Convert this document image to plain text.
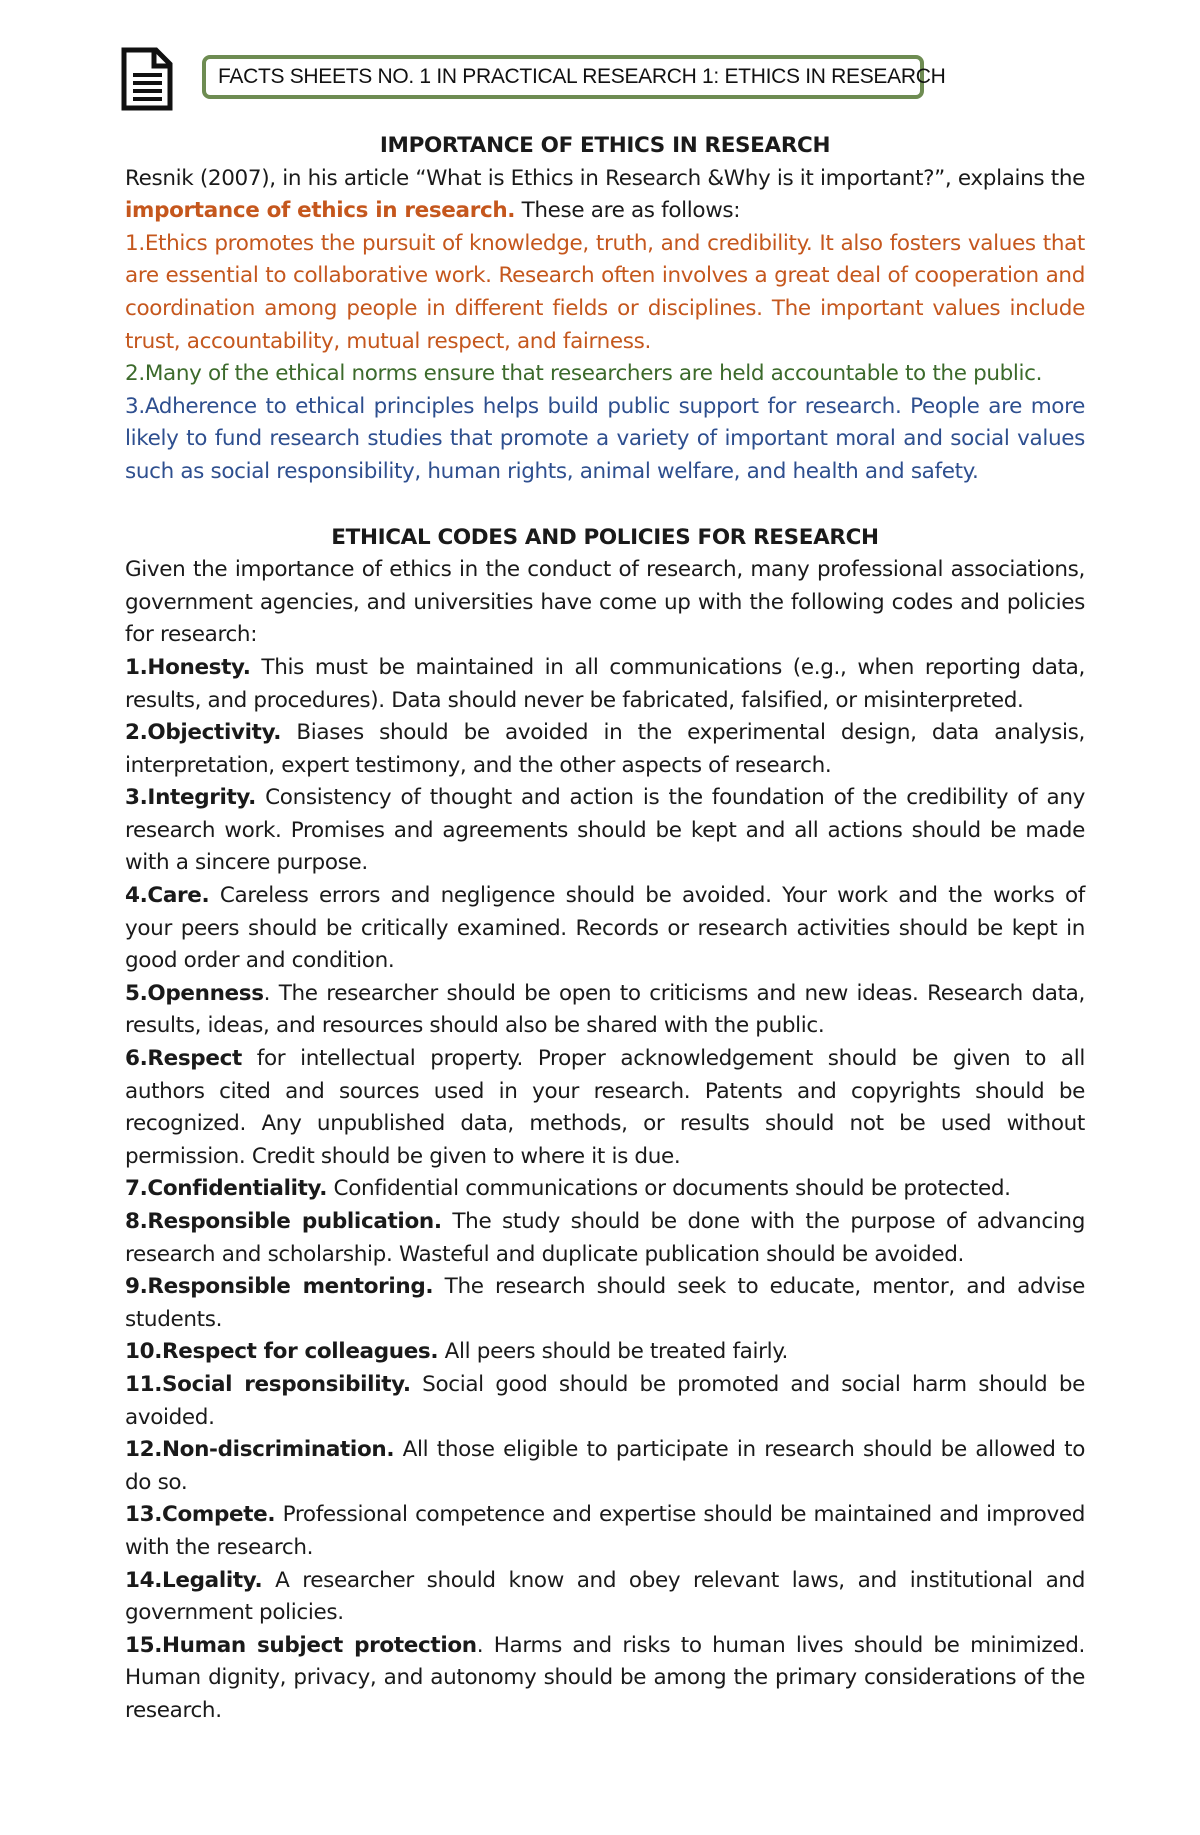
FACTS SHEETS NO. 1 IN PRACTICAL RESEARCH 1: ETHICS IN RESEARCH

IMPORTANCE OF ETHICS IN RESEARCH

Resnik (2007), in his article “What is Ethics in Research &Why is it important?”, explains the importance of ethics in research. These are as follows:

1.Ethics promotes the pursuit of knowledge, truth, and credibility. It also fosters values that are essential to collaborative work. Research often involves a great deal of cooperation and coordination among people in different fields or disciplines. The important values include trust, accountability, mutual respect, and fairness.

2.Many of the ethical norms ensure that researchers are held accountable to the public.

3.Adherence to ethical principles helps build public support for research. People are more likely to fund research studies that promote a variety of important moral and social values such as social responsibility, human rights, animal welfare, and health and safety.

ETHICAL CODES AND POLICIES FOR RESEARCH

Given the importance of ethics in the conduct of research, many professional associations, government agencies, and universities have come up with the following codes and policies for research:

1.Honesty. This must be maintained in all communications (e.g., when reporting data, results, and procedures). Data should never be fabricated, falsified, or misinterpreted.

2.Objectivity. Biases should be avoided in the experimental design, data analysis, interpretation, expert testimony, and the other aspects of research.

3.Integrity. Consistency of thought and action is the foundation of the credibility of any research work. Promises and agreements should be kept and all actions should be made with a sincere purpose.

4.Care. Careless errors and negligence should be avoided. Your work and the works of your peers should be critically examined. Records or research activities should be kept in good order and condition.

5.Openness. The researcher should be open to criticisms and new ideas. Research data, results, ideas, and resources should also be shared with the public.

6.Respect for intellectual property. Proper acknowledgement should be given to all authors cited and sources used in your research. Patents and copyrights should be recognized. Any unpublished data, methods, or results should not be used without permission. Credit should be given to where it is due.

7.Confidentiality. Confidential communications or documents should be protected.

8.Responsible publication. The study should be done with the purpose of advancing research and scholarship. Wasteful and duplicate publication should be avoided.

9.Responsible mentoring. The research should seek to educate, mentor, and advise students.

10.Respect for colleagues. All peers should be treated fairly.

11.Social responsibility. Social good should be promoted and social harm should be avoided.

12.Non-discrimination. All those eligible to participate in research should be allowed to do so.

13.Compete. Professional competence and expertise should be maintained and improved with the research.

14.Legality. A researcher should know and obey relevant laws, and institutional and government policies.

15.Human subject protection. Harms and risks to human lives should be minimized. Human dignity, privacy, and autonomy should be among the primary considerations of the research.
